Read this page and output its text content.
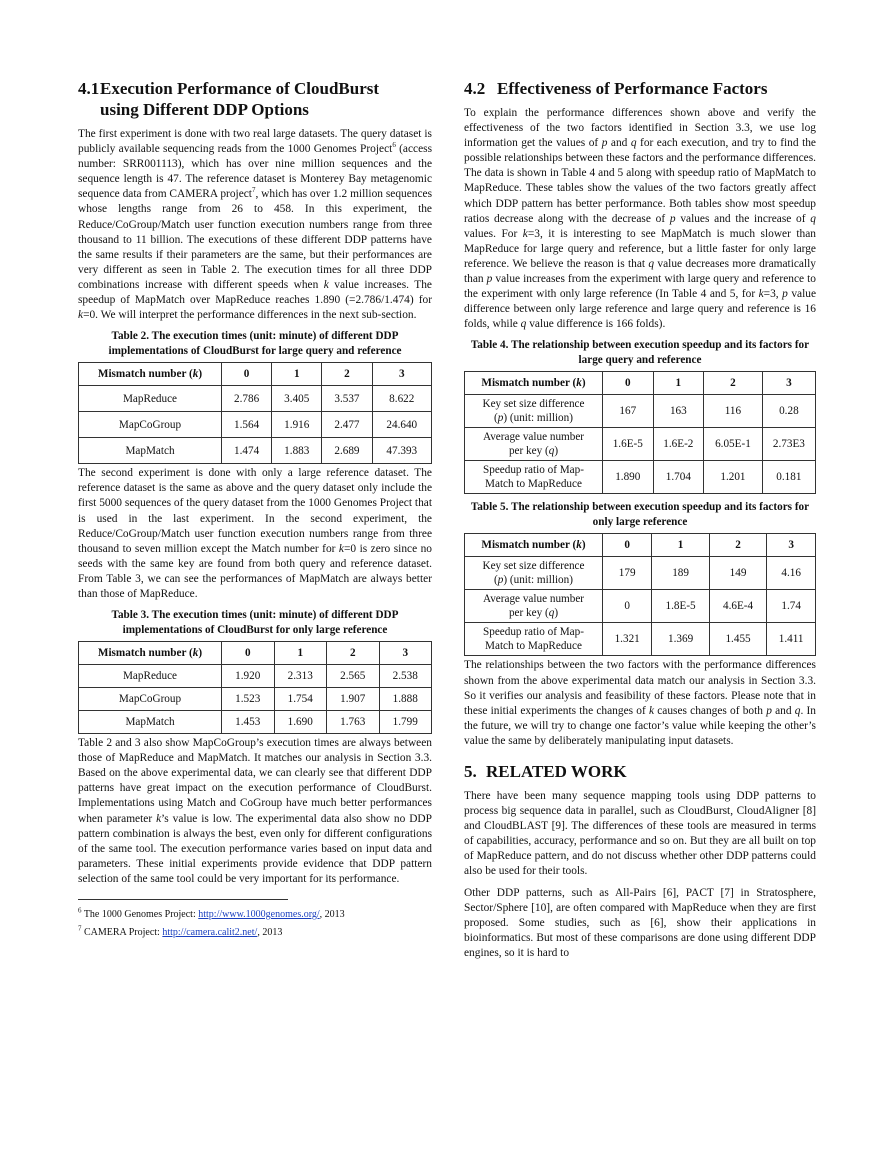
4.1Execution Performance of CloudBurst
using Different DDP Options

The first experiment is done with two real large datasets. The query dataset is publicly available sequencing reads from the 1000 Genomes Project$^6$ (access number: SRR001113), which has over nine million sequences and the sequence length is 47. The reference dataset is Monterey Bay metagenomic sequence data from CAMERA project$^7$, which has over 1.2 million sequences whose lengths range from 26 to 458. In this experiment, the Reduce/CoGroup/Match user function execution numbers range from three thousand to 11 billion. The executions of these different DDP patterns have the same results if their parameters are the same, but their performances are very different as seen in Table 2. The execution times for all three DDP combinations increase with different speeds when k value increases. The speedup of MapMatch over MapReduce reaches 1.890 (=2.786/1.474) for k=0. We will interpret the performance differences in the next sub-section.

Table 2. The execution times (unit: minute) of different DDP implementations of CloudBurst for large query and reference
Mismatch number (k)	0	1	2	3
MapReduce	2.786	3.405	3.537	8.622
MapCoGroup	1.564	1.916	2.477	24.640
MapMatch	1.474	1.883	2.689	47.393

The second experiment is done with only a large reference dataset. The reference dataset is the same as above and the query dataset only include the first 5000 sequences of the query dataset from the 1000 Genomes Project that is used in the last experiment. In the second experiment, the Reduce/CoGroup/Match user function execution numbers range from three thousand to seven million except the Match number for k=0 is zero since no seeds with the same key are found from both query and reference dataset. From Table 3, we can see the performances of MapMatch are always better than those of MapReduce.

Table 3. The execution times (unit: minute) of different DDP implementations of CloudBurst for only large reference
Mismatch number (k)	0	1	2	3
MapReduce	1.920	2.313	2.565	2.538
MapCoGroup	1.523	1.754	1.907	1.888
MapMatch	1.453	1.690	1.763	1.799

Table 2 and 3 also show MapCoGroup’s execution times are always between those of MapReduce and MapMatch. It matches our analysis in Section 3.3. Based on the above experimental data, we can clearly see that different DDP patterns have great impact on the execution performance of CloudBurst. Implementations using Match and CoGroup have much better performances when parameter k’s value is low. The experimental data also show no DDP pattern combination is always the best, even only for different configurations of the same tool. The execution performance varies based on input data and parameters. These initial experiments provide evidence that DDP pattern selection of the same tool could be very important for its performance.

$^6$ The 1000 Genomes Project: http://www.1000genomes.org/, 2013

$^7$ CAMERA Project: http://camera.calit2.net/, 2013

4.2 Effectiveness of Performance Factors

To explain the performance differences shown above and verify the effectiveness of the two factors identified in Section 3.3, we use log information get the values of p and q for each execution, and try to find the possible relationships between these factors and the performance differences. The data is shown in Table 4 and 5 along with speedup ratio of MapMatch to MapReduce. These tables show the values of the two factors greatly affect which DDP pattern has better performance. Both tables show most speedup ratios decrease along with the decrease of p values and the increase of q values. For k=3, it is interesting to see MapMatch is much slower than MapReduce for large query and reference, but a little faster for only large reference. We believe the reason is that q value decreases more dramatically than p value increases from the experiment with large query and reference to the experiment with only large reference (In Table 4 and 5, for k=3, p value difference between only large reference and large query and reference is 16 folds, while q value difference is 166 folds).

Table 4. The relationship between execution speedup and its factors for large query and reference
Mismatch number (k)	0	1	2	3
Key set size difference
(p) (unit: million)	167	163	116	0.28
Average value number
per key (q)	1.6E-5	1.6E-2	6.05E-1	2.73E3
Speedup ratio of Map-
Match to MapReduce	1.890	1.704	1.201	0.181
Table 5. The relationship between execution speedup and its factors for only large reference
Mismatch number (k)	0	1	2	3
Key set size difference
(p) (unit: million)	179	189	149	4.16
Average value number
per key (q)	0	1.8E-5	4.6E-4	1.74
Speedup ratio of Map-
Match to MapReduce	1.321	1.369	1.455	1.411

The relationships between the two factors with the performance differences shown from the above experimental data match our analysis in Section 3.3. So it verifies our analysis and feasibility of these factors. Please note that in these initial experiments the changes of k causes changes of both p and q. In the future, we will try to change one factor’s value while keeping the other’s value the same by deliberately manipulating input datasets.

5. RELATED WORK

There have been many sequence mapping tools using DDP patterns to process big sequence data in parallel, such as CloudBurst, CloudAligner [8] and CloudBLAST [9]. The differences of these tools are measured in terms of capabilities, accuracy, performance and so on. But they are all built on top of MapReduce pattern, and do not discuss whether other DDP patterns could also be used for their tools.

Other DDP patterns, such as All-Pairs [6], PACT [7] in Stratosphere, Sector/Sphere [10], are often compared with MapReduce when they are first proposed. Some studies, such as [6], show their applications in bioinformatics. But most of these comparisons are done using different DDP engines, so it is hard to
